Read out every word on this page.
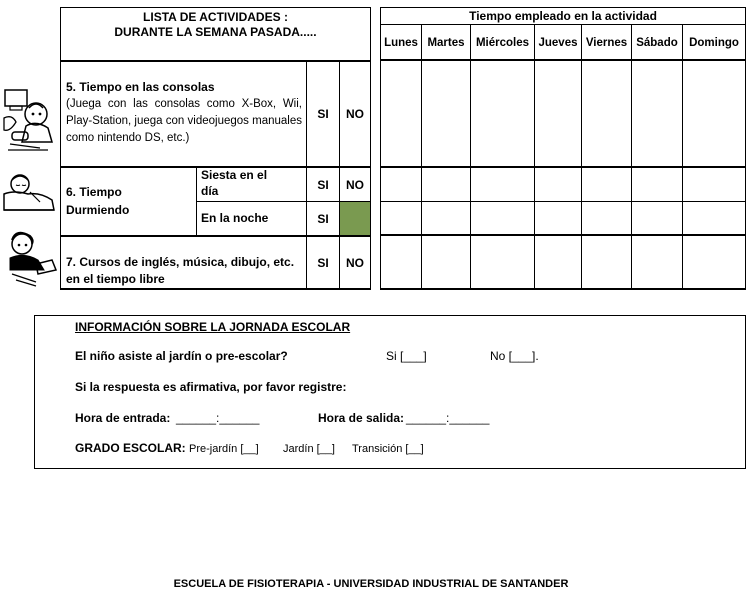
LISTA DE ACTIVIDADES :
DURANTE LA SEMANA PASADA.....
5. Tiempo en las consolas
(Juega con las consolas como X-Box, Wii, Play-Station, juega con videojuegos manuales como nintendo DS, etc.)
SI	NO
6. Tiempo
Durmiendo
Siesta en el
día	SI	NO
En la noche	SI
7. Cursos de inglés, música, dibujo, etc.
en el tiempo libre
SI	NO
Tiempo empleado en la actividad
Lunes Martes Miércoles Jueves Viernes Sábado Domingo
INFORMACIÓN SOBRE LA JORNADA ESCOLAR
El niño asiste al jardín o pre-escolar?	Si [___]	No [___].
Si la respuesta es afirmativa, por favor registre:
Hora de entrada: ______:______	Hora de salida: ______:______
GRADO ESCOLAR: Pre-jardín [__] Jardín [__] Transición [__]
ESCUELA DE FISIOTERAPIA - UNIVERSIDAD INDUSTRIAL DE SANTANDER
